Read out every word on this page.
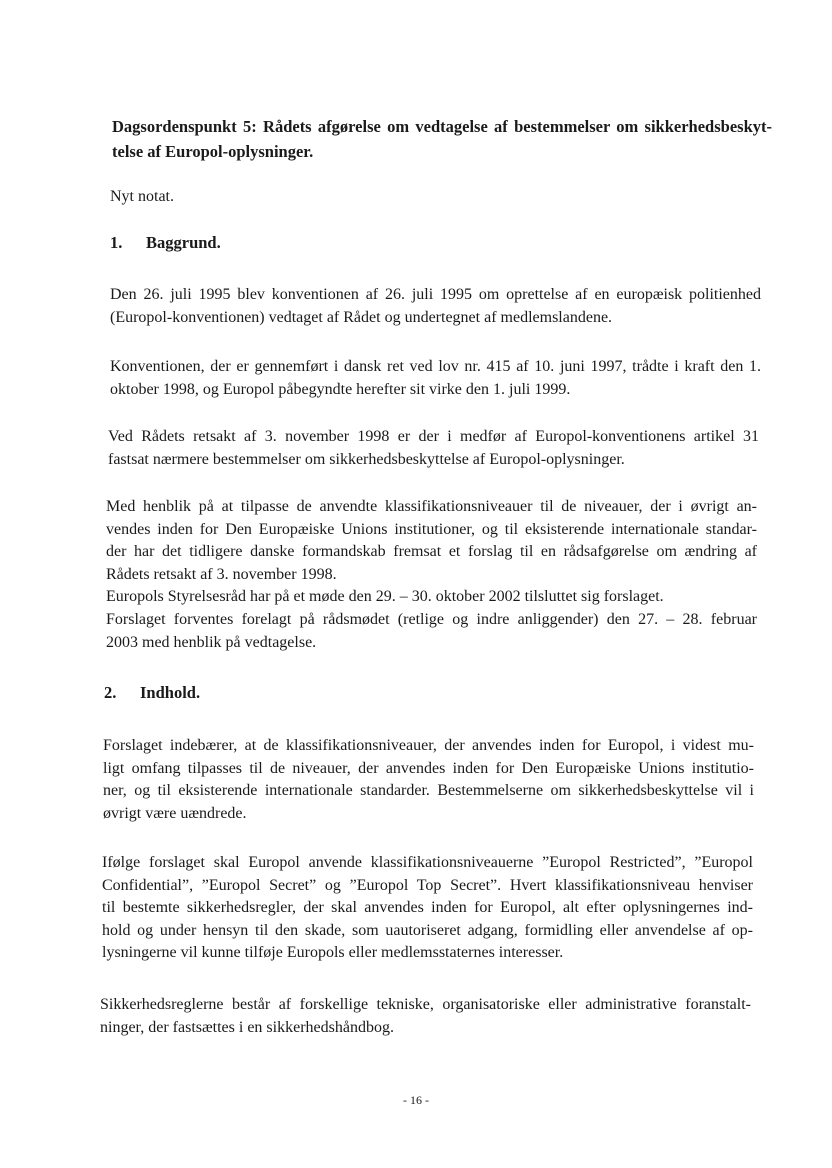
Dagsordenspunkt 5: Rådets afgørelse om vedtagelse af bestemmelser om sikkerhedsbeskyt-
telse af Europol-oplysninger.
Nyt notat.
1. Baggrund.
Den 26. juli 1995 blev konventionen af 26. juli 1995 om oprettelse af en europæisk politienhed
(Europol-konventionen) vedtaget af Rådet og undertegnet af medlemslandene.
Konventionen, der er gennemført i dansk ret ved lov nr. 415 af 10. juni 1997, trådte i kraft den 1.
oktober 1998, og Europol påbegyndte herefter sit virke den 1. juli 1999.
Ved Rådets retsakt af 3. november 1998 er der i medfør af Europol-konventionens artikel 31
fastsat nærmere bestemmelser om sikkerhedsbeskyttelse af Europol-oplysninger.
Med henblik på at tilpasse de anvendte klassifikationsniveauer til de niveauer, der i øvrigt an-
vendes inden for Den Europæiske Unions institutioner, og til eksisterende internationale standar-
der har det tidligere danske formandskab fremsat et forslag til en rådsafgørelse om ændring af
Rådets retsakt af 3. november 1998.
Europols Styrelsesråd har på et møde den 29. – 30. oktober 2002 tilsluttet sig forslaget.
Forslaget forventes forelagt på rådsmødet (retlige og indre anliggender) den 27. – 28. februar
2003 med henblik på vedtagelse.
2. Indhold.
Forslaget indebærer, at de klassifikationsniveauer, der anvendes inden for Europol, i videst mu-
ligt omfang tilpasses til de niveauer, der anvendes inden for Den Europæiske Unions institutio-
ner, og til eksisterende internationale standarder. Bestemmelserne om sikkerhedsbeskyttelse vil i
øvrigt være uændrede.
Ifølge forslaget skal Europol anvende klassifikationsniveauerne ”Europol Restricted”, ”Europol
Confidential”, ”Europol Secret” og ”Europol Top Secret”. Hvert klassifikationsniveau henviser
til bestemte sikkerhedsregler, der skal anvendes inden for Europol, alt efter oplysningernes ind-
hold og under hensyn til den skade, som uautoriseret adgang, formidling eller anvendelse af op-
lysningerne vil kunne tilføje Europols eller medlemsstaternes interesser.
Sikkerhedsreglerne består af forskellige tekniske, organisatoriske eller administrative foranstalt-
ninger, der fastsættes i en sikkerhedshåndbog.
- 16 -
